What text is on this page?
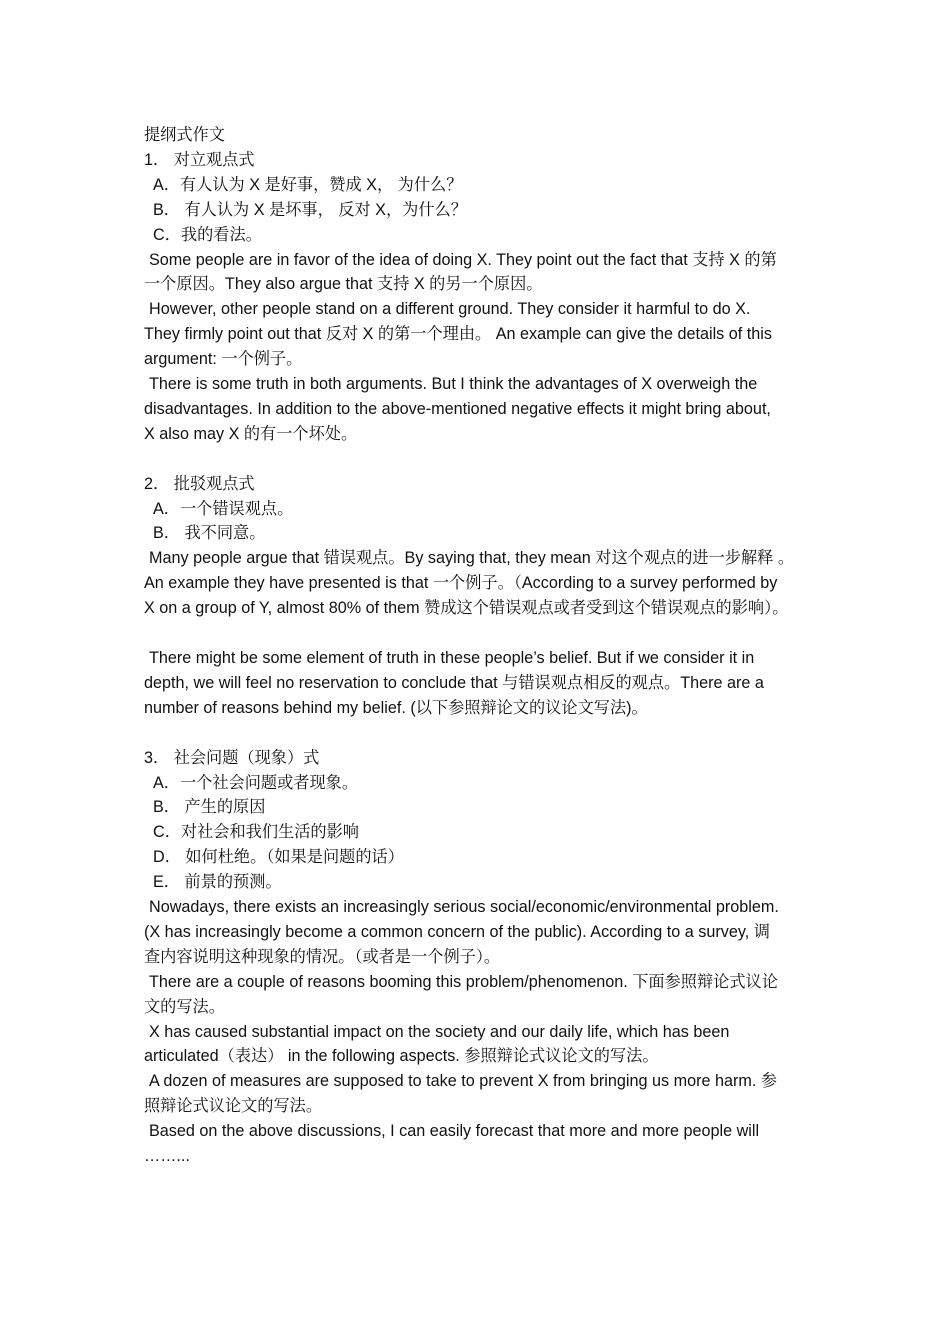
提纲式作文
1． 对立观点式
A．有人认为 X 是好事，赞成 X， 为什么？
B． 有人认为 X 是坏事， 反对 X，为什么？
C．我的看法。
Some people are in favor of the idea of doing X. They point out the fact that 支持 X 的第
一个原因。They also argue that 支持 X 的另一个原因。
However, other people stand on a different ground. They consider it harmful to do X.
They firmly point out that 反对 X 的第一个理由。 An example can give the details of this
argument: 一个例子。
There is some truth in both arguments. But I think the advantages of X overweigh the
disadvantages. In addition to the above-mentioned negative effects it might bring about,
X also may X 的有一个坏处。
2． 批驳观点式
A．一个错误观点。
B． 我不同意。
Many people argue that 错误观点。By saying that, they mean 对这个观点的进一步解释 。
An example they have presented is that 一个例子。（According to a survey performed by
X on a group of Y, almost 80% of them 赞成这个错误观点或者受到这个错误观点的影响）。
There might be some element of truth in these people’s belief. But if we consider it in
depth, we will feel no reservation to conclude that 与错误观点相反的观点。There are a
number of reasons behind my belief. (以下参照辩论文的议论文写法)。
3． 社会问题（现象）式
A．一个社会问题或者现象。
B． 产生的原因
C．对社会和我们生活的影响
D． 如何杜绝。（如果是问题的话）
E． 前景的预测。
Nowadays, there exists an increasingly serious social/economic/environmental problem.
(X has increasingly become a common concern of the public). According to a survey, 调
查内容说明这种现象的情况。（或者是一个例子）。
There are a couple of reasons booming this problem/phenomenon. 下面参照辩论式议论
文的写法。
X has caused substantial impact on the society and our daily life, which has been
articulated（表达） in the following aspects. 参照辩论式议论文的写法。
A dozen of measures are supposed to take to prevent X from bringing us more harm. 参
照辩论式议论文的写法。
Based on the above discussions, I can easily forecast that more and more people will
……...
